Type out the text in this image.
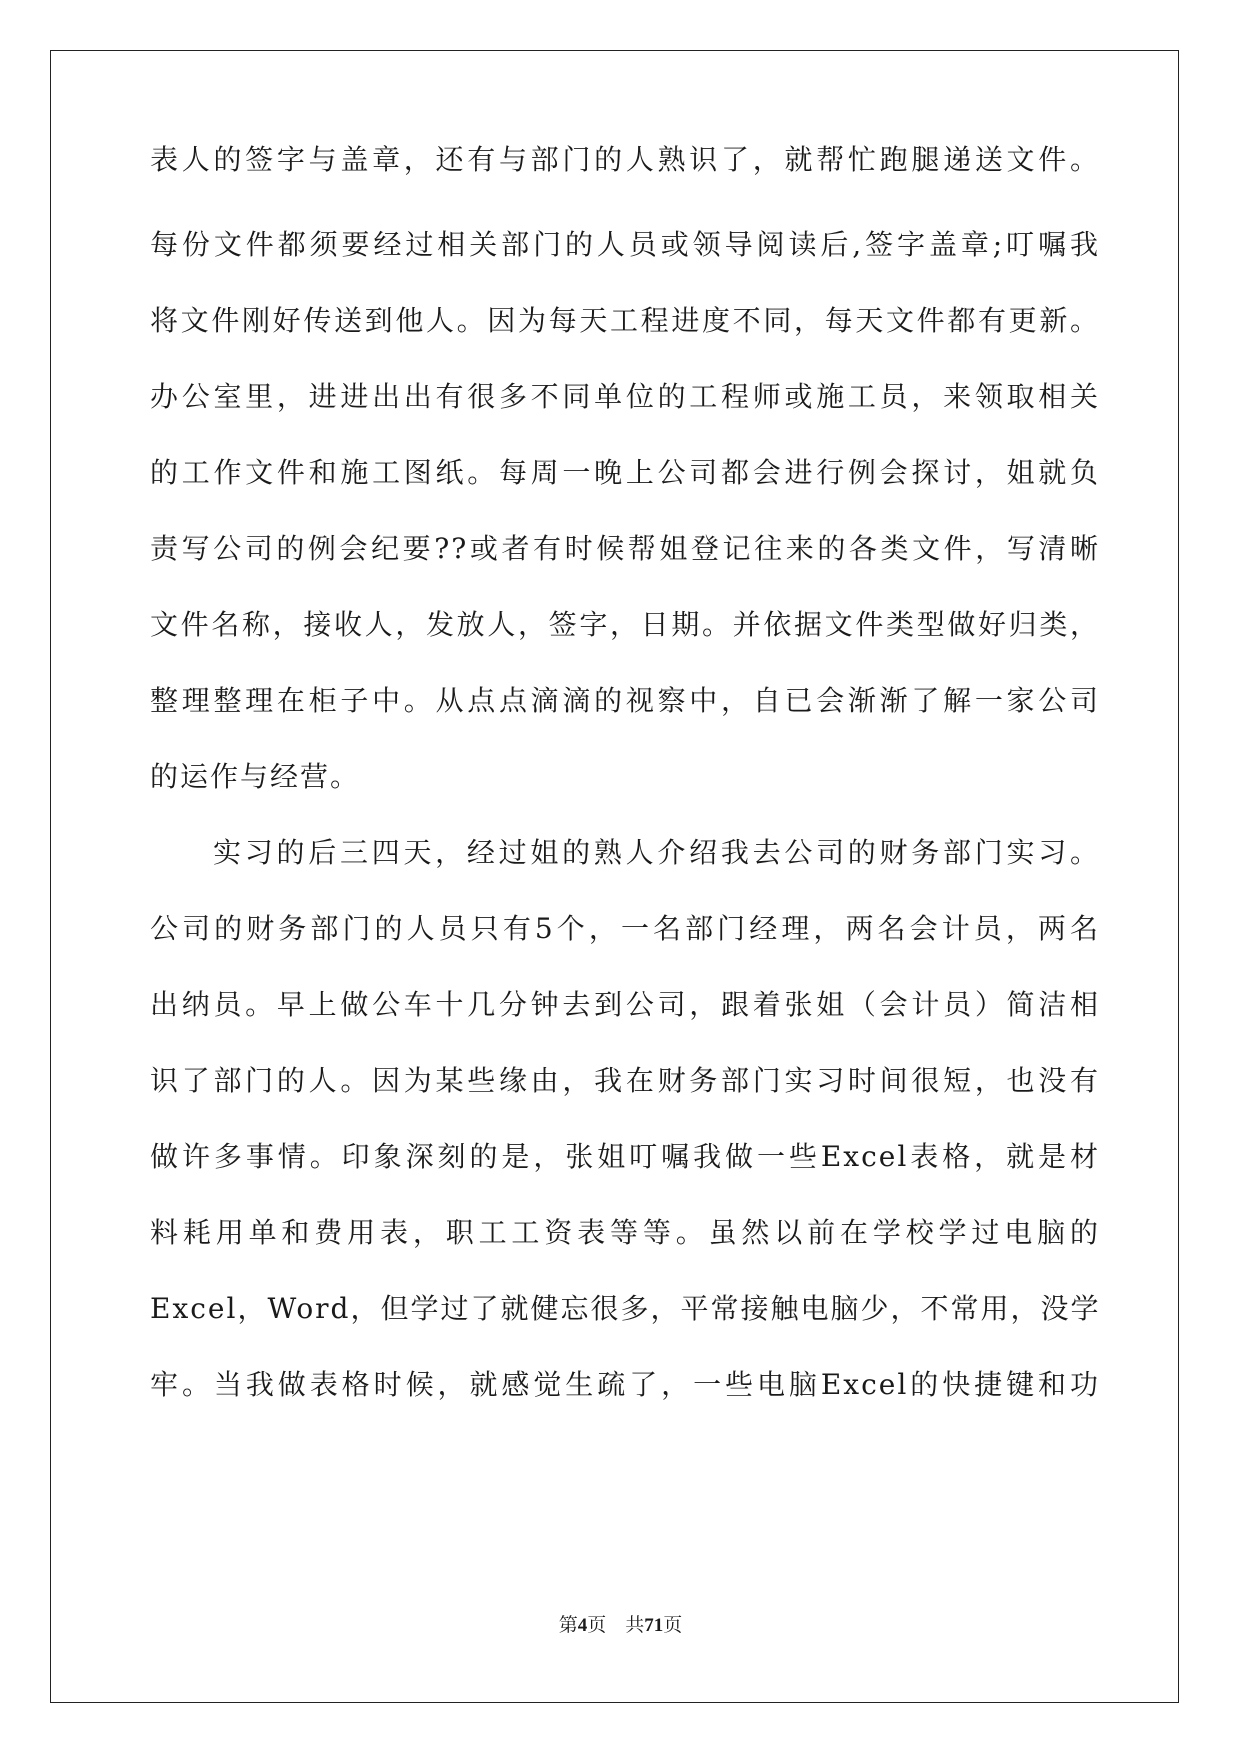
表人的签字与盖章，还有与部门的人熟识了，就帮忙跑腿递送文件。
每份文件都须要经过相关部门的人员或领导阅读后,签字盖章;叮嘱我
将文件刚好传送到他人。因为每天工程进度不同，每天文件都有更新。
办公室里，进进出出有很多不同单位的工程师或施工员，来领取相关
的工作文件和施工图纸。每周一晚上公司都会进行例会探讨，姐就负
责写公司的例会纪要??或者有时候帮姐登记往来的各类文件，写清晰
文件名称，接收人，发放人，签字，日期。并依据文件类型做好归类，
整理整理在柜子中。从点点滴滴的视察中，自已会渐渐了解一家公司
的运作与经营。
实习的后三四天，经过姐的熟人介绍我去公司的财务部门实习。
公司的财务部门的人员只有5个，一名部门经理，两名会计员，两名
出纳员。早上做公车十几分钟去到公司，跟着张姐（会计员）简洁相
识了部门的人。因为某些缘由，我在财务部门实习时间很短，也没有
做许多事情。印象深刻的是，张姐叮嘱我做一些Excel表格，就是材
料耗用单和费用表，职工工资表等等。虽然以前在学校学过电脑的
Excel，Word，但学过了就健忘很多，平常接触电脑少，不常用，没学
牢。当我做表格时候，就感觉生疏了，一些电脑Excel的快捷键和功
第4页    共71页
